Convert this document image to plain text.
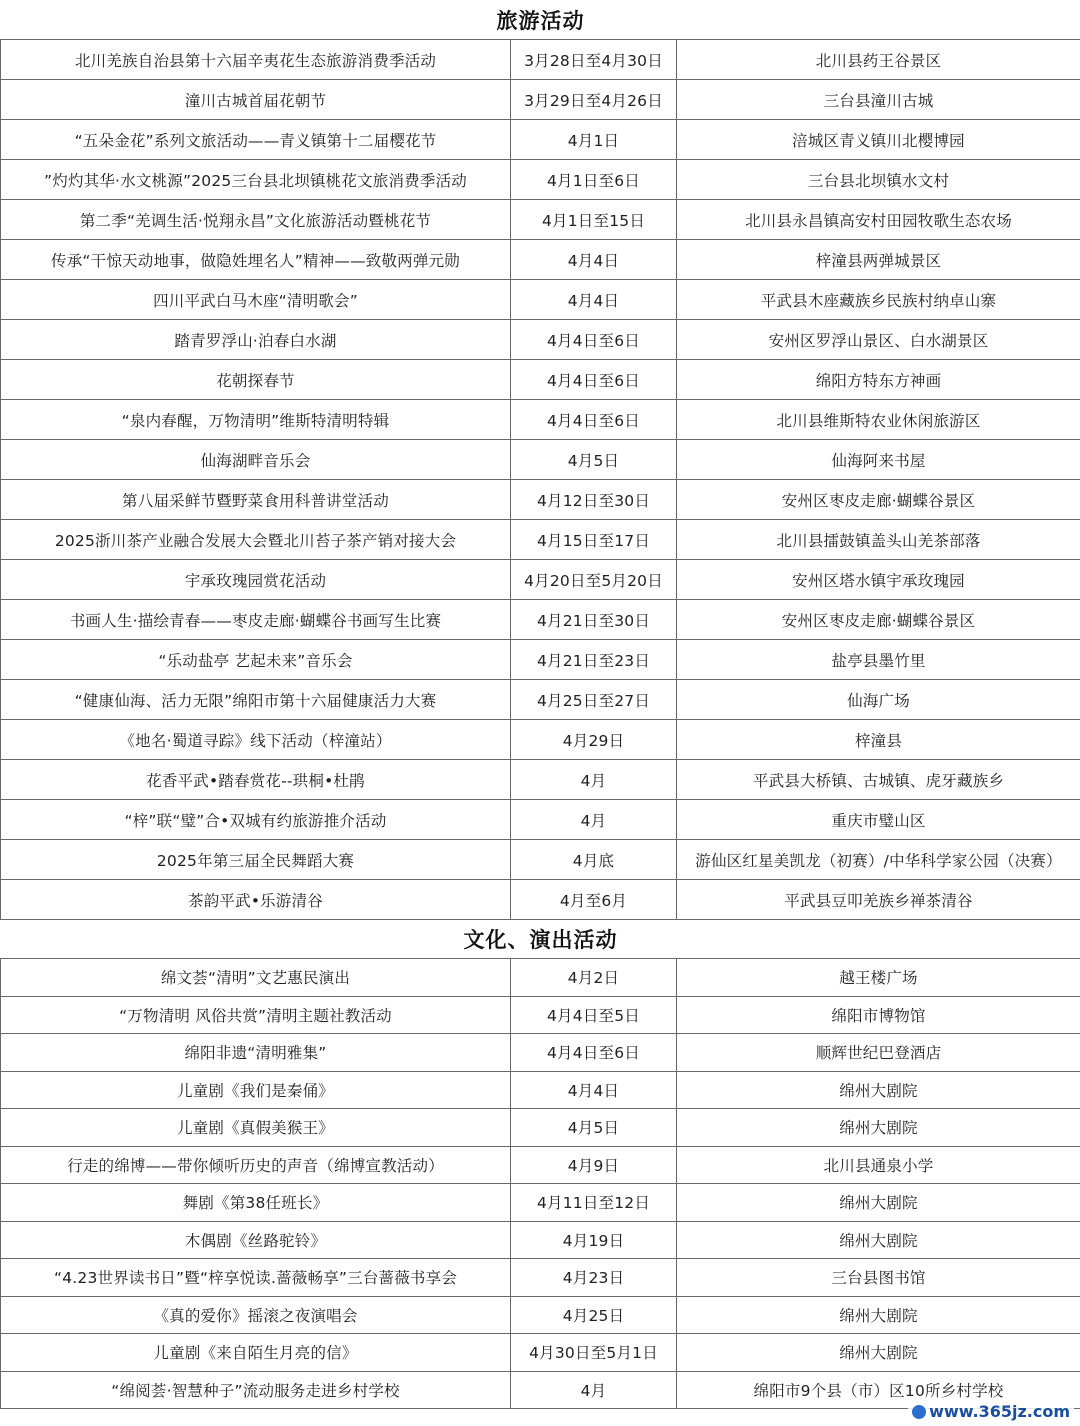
旅游活动		
北川羌族自治县第十六届辛夷花生态旅游消费季活动	3月28日至4月30日	北川县药王谷景区
潼川古城首届花朝节	3月29日至4月26日	三台县潼川古城
“五朵金花”系列文旅活动——青义镇第十二届樱花节	4月1日	涪城区青义镇川北樱博园
”灼灼其华·水文桃源”2025三台县北坝镇桃花文旅消费季活动	4月1日至6日	三台县北坝镇水文村
第二季“羌调生活·悦翔永昌”文化旅游活动暨桃花节	4月1日至15日	北川县永昌镇高安村田园牧歌生态农场
传承“干惊天动地事，做隐姓埋名人”精神——致敬两弹元勋	4月4日	梓潼县两弹城景区
四川平武白马木座“清明歌会”	4月4日	平武县木座藏族乡民族村纳卓山寨
踏青罗浮山·泊春白水湖	4月4日至6日	安州区罗浮山景区、白水湖景区
花朝探春节	4月4日至6日	绵阳方特东方神画
“泉内春醒，万物清明”维斯特清明特辑	4月4日至6日	北川县维斯特农业休闲旅游区
仙海湖畔音乐会	4月5日	仙海阿来书屋
第八届采鲜节暨野菜食用科普讲堂活动	4月12日至30日	安州区枣皮走廊·蝴蝶谷景区
2025浙川茶产业融合发展大会暨北川苔子茶产销对接大会	4月15日至17日	北川县擂鼓镇盖头山羌茶部落
宇承玫瑰园赏花活动	4月20日至5月20日	安州区塔水镇宇承玫瑰园
书画人生·描绘青春——枣皮走廊·蝴蝶谷书画写生比赛	4月21日至30日	安州区枣皮走廊·蝴蝶谷景区
“乐动盐亭 艺起未来”音乐会	4月21日至23日	盐亭县墨竹里
“健康仙海、活力无限”绵阳市第十六届健康活力大赛	4月25日至27日	仙海广场
《地名·蜀道寻踪》线下活动（梓潼站）	4月29日	梓潼县
花香平武•踏春赏花--珙桐•杜鹃	4月	平武县大桥镇、古城镇、虎牙藏族乡
“梓”联“璧”合•双城有约旅游推介活动	4月	重庆市璧山区
2025年第三届全民舞蹈大赛	4月底	游仙区红星美凯龙（初赛）/中华科学家公园（决赛）
茶韵平武•乐游清谷	4月至6月	平武县豆叩羌族乡禅茶清谷
文化、演出活动		
绵文荟“清明”文艺惠民演出	4月2日	越王楼广场
“万物清明 风俗共赏”清明主题社教活动	4月4日至5日	绵阳市博物馆
绵阳非遗“清明雅集”	4月4日至6日	顺辉世纪巴登酒店
儿童剧《我们是秦俑》	4月4日	绵州大剧院
儿童剧《真假美猴王》	4月5日	绵州大剧院
行走的绵博——带你倾听历史的声音（绵博宣教活动）	4月9日	北川县通泉小学
舞剧《第38任班长》	4月11日至12日	绵州大剧院
木偶剧《丝路驼铃》	4月19日	绵州大剧院
“4.23世界读书日”暨“梓享悦读.蔷薇畅享”三台蔷薇书享会	4月23日	三台县图书馆
《真的爱你》摇滚之夜演唱会	4月25日	绵州大剧院
儿童剧《来自陌生月亮的信》	4月30日至5月1日	绵州大剧院
“绵阅荟·智慧种子”流动服务走进乡村学校	4月	绵阳市9个县（市）区10所乡村学校
www.365jz.com
